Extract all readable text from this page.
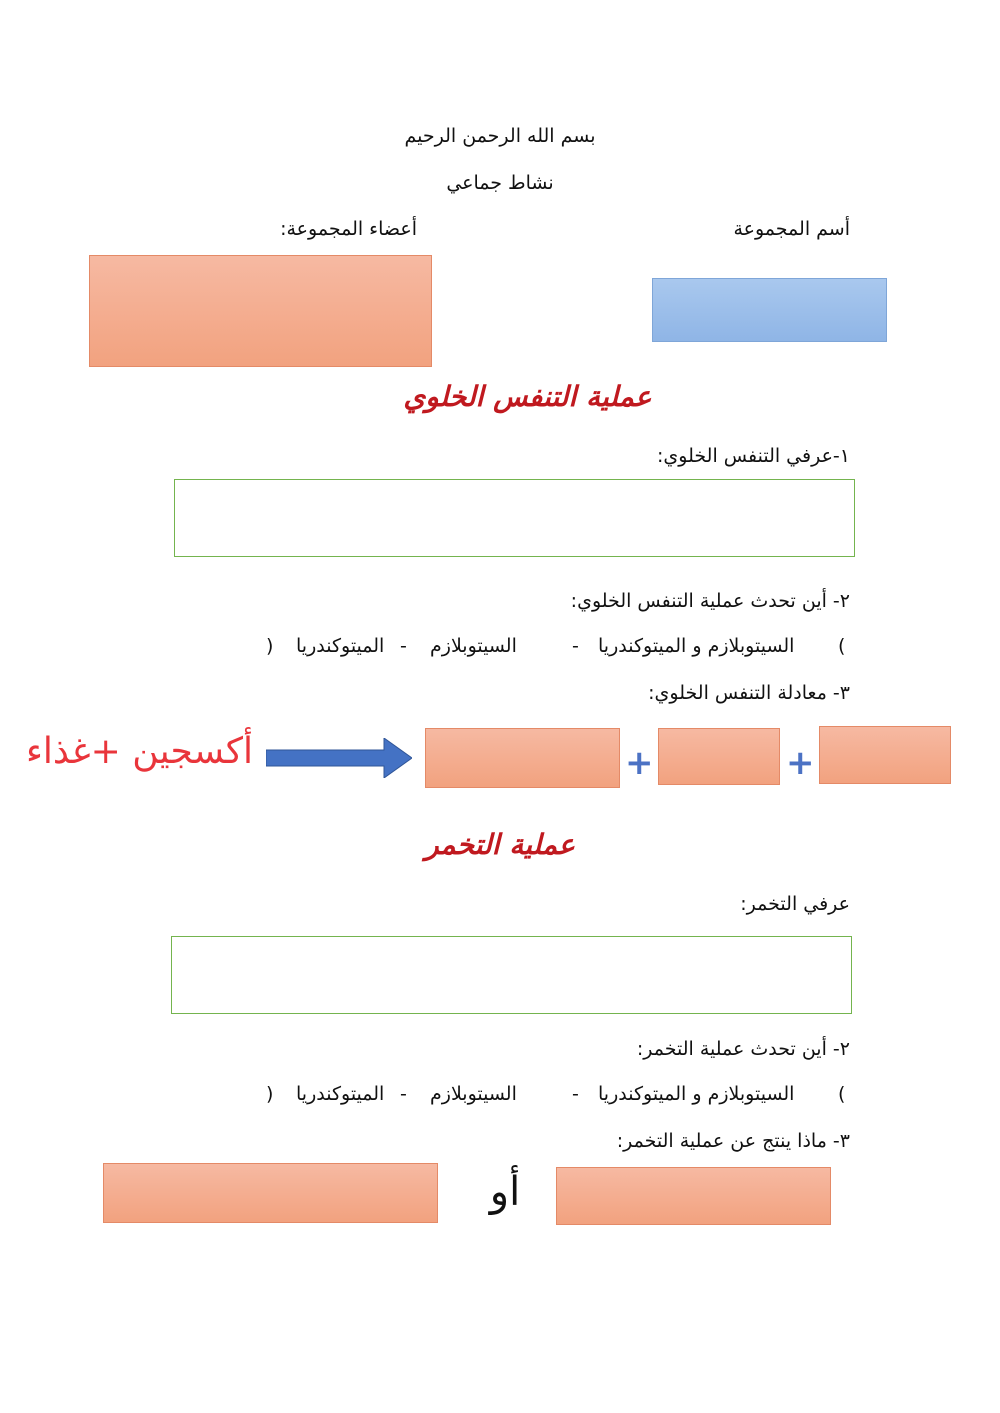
بسم الله الرحمن الرحيم
نشاط جماعي
أسم المجموعة
أعضاء المجموعة:
عملية التنفس الخلوي
١-عرفي التنفس الخلوي:
٢- أين تحدث عملية التنفس الخلوي:
(
السيتوبلازم و الميتوكندريا
-
السيتوبلازم
-
الميتوكندريا
)
٣- معادلة التنفس الخلوي:
أكسجين +غذاء	+	+
عملية التخمر
عرفي التخمر:
٢- أين تحدث عملية التخمر:
(
السيتوبلازم و الميتوكندريا
-
السيتوبلازم
-
الميتوكندريا
)
٣- ماذا ينتج عن عملية التخمر:
أو
